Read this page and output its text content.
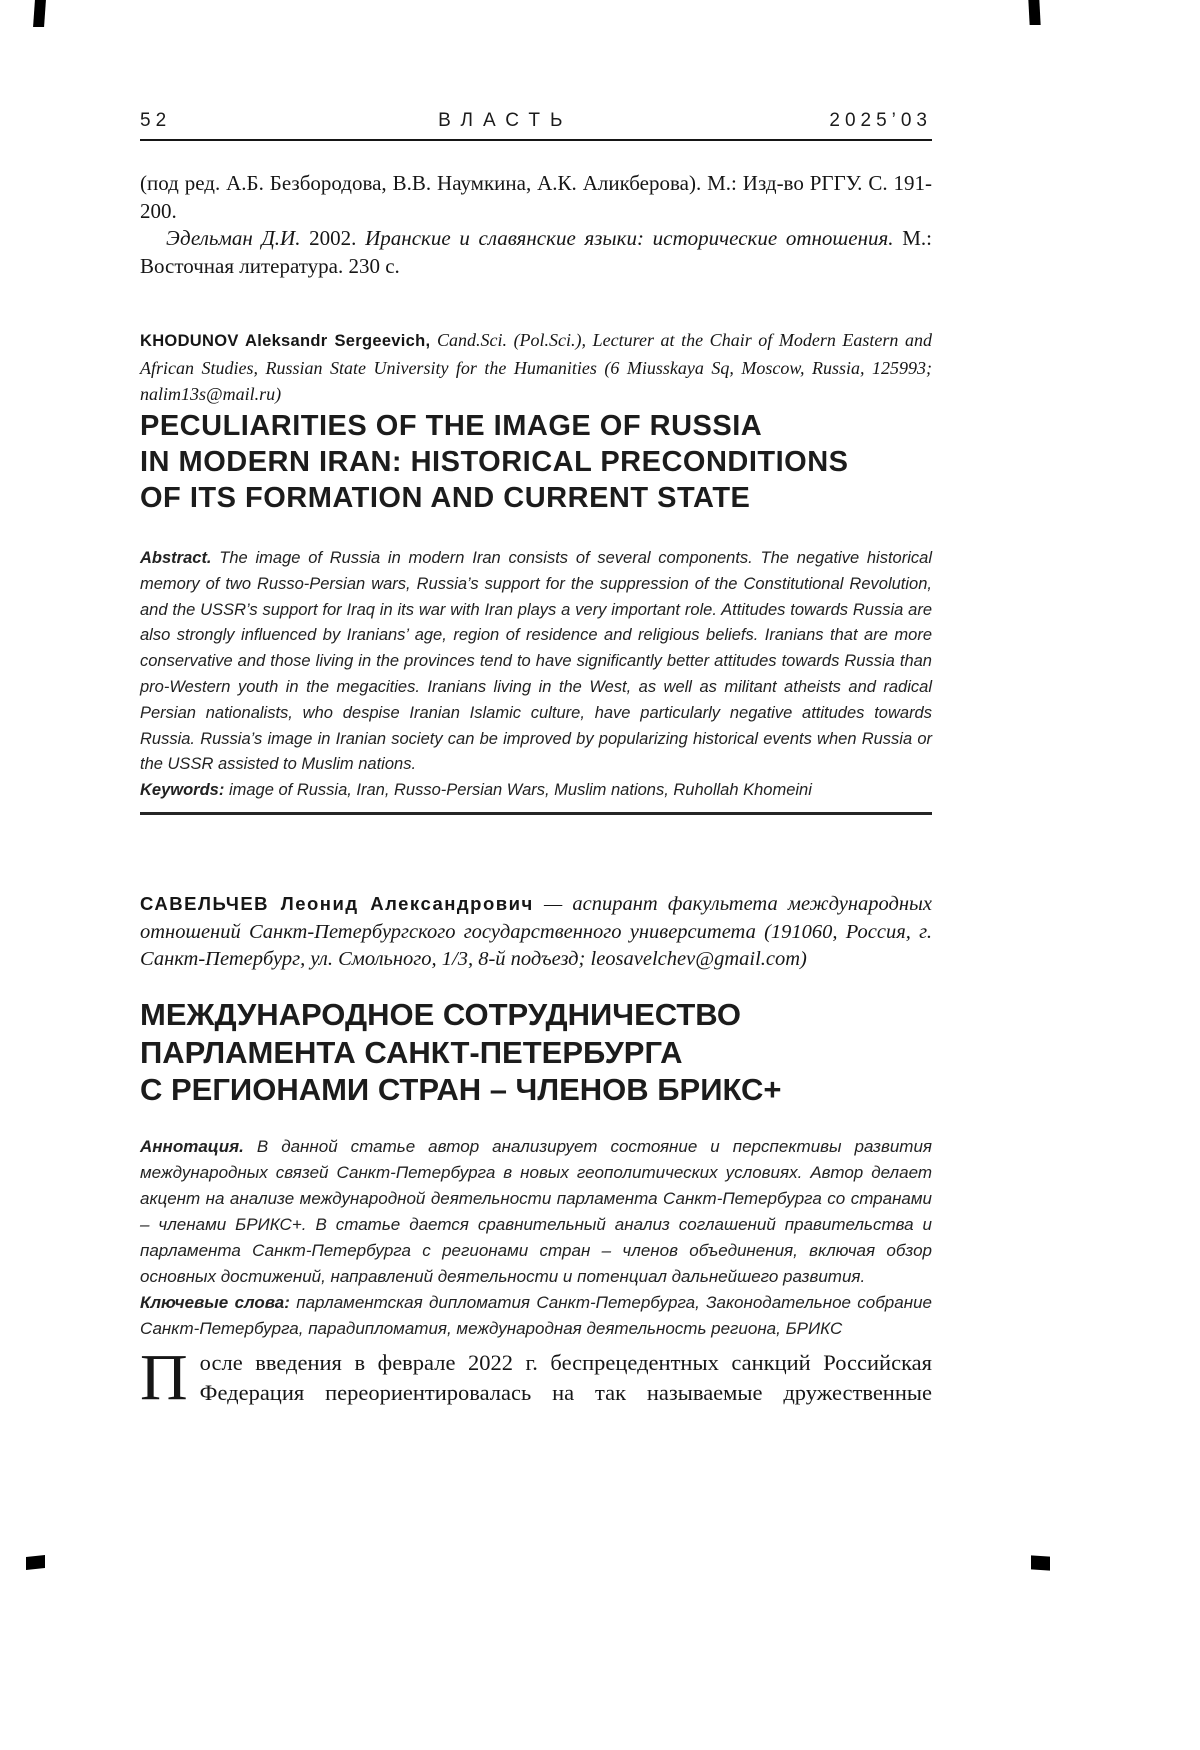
52	ВЛАСТЬ	2025’03

(под ред. А.Б. Безбородова, В.В. Наумкина, А.К. Аликберова). М.: Изд-во РГГУ. С. 191-200.

Эдельман Д.И. 2002. Иранские и славянские языки: исторические отношения. М.: Восточная литература. 230 с.

KHODUNOV Aleksandr Sergeevich, Cand.Sci. (Pol.Sci.), Lecturer at the Chair of Modern Eastern and African Studies, Russian State University for the Humanities (6 Miusskaya Sq, Moscow, Russia, 125993; nalim13s@mail.ru)

PECULIARITIES OF THE IMAGE OF RUSSIA
IN MODERN IRAN: HISTORICAL PRECONDITIONS
OF ITS FORMATION AND CURRENT STATE

Abstract. The image of Russia in modern Iran consists of several components. The negative historical memory of two Russo-Persian wars, Russia’s support for the suppression of the Constitutional Revolution, and the USSR’s support for Iraq in its war with Iran plays a very important role. Attitudes towards Russia are also strongly influenced by Iranians’ age, region of residence and religious beliefs. Iranians that are more conservative and those living in the provinces tend to have significantly better attitudes towards Russia than pro-Western youth in the megacities. Iranians living in the West, as well as militant atheists and radical Persian nationalists, who despise Iranian Islamic culture, have particularly negative attitudes towards Russia. Russia’s image in Iranian society can be improved by popularizing historical events when Russia or the USSR assisted to Muslim nations.

Keywords: image of Russia, Iran, Russo-Persian Wars, Muslim nations, Ruhollah Khomeini

САВЕЛЬЧЕВ Леонид Александрович — аспирант факультета международных отношений Санкт-Петербургского государственного университета (191060, Россия, г. Санкт-Петербург, ул. Смольного, 1/3, 8-й подъезд; leosavelchev@gmail.com)

МЕЖДУНАРОДНОЕ СОТРУДНИЧЕСТВО
ПАРЛАМЕНТА САНКТ-ПЕТЕРБУРГА
С РЕГИОНАМИ СТРАН – ЧЛЕНОВ БРИКС+

Аннотация. В данной статье автор анализирует состояние и перспективы развития международных связей Санкт-Петербурга в новых геополитических условиях. Автор делает акцент на анализе международной деятельности парламента Санкт-Петербурга со странами – членами БРИКС+. В статье дается сравнительный анализ соглашений правительства и парламента Санкт-Петербурга с регионами стран – членов объединения, включая обзор основных достижений, направлений деятельности и потенциал дальнейшего развития.

Ключевые слова: парламентская дипломатия Санкт-Петербурга, Законодательное собрание Санкт-Петербурга, парадипломатия, международная деятельность региона, БРИКС

После введения в феврале 2022 г. беспрецедентных санкций Российская Федерация переориентировалась на так называемые дружественные
